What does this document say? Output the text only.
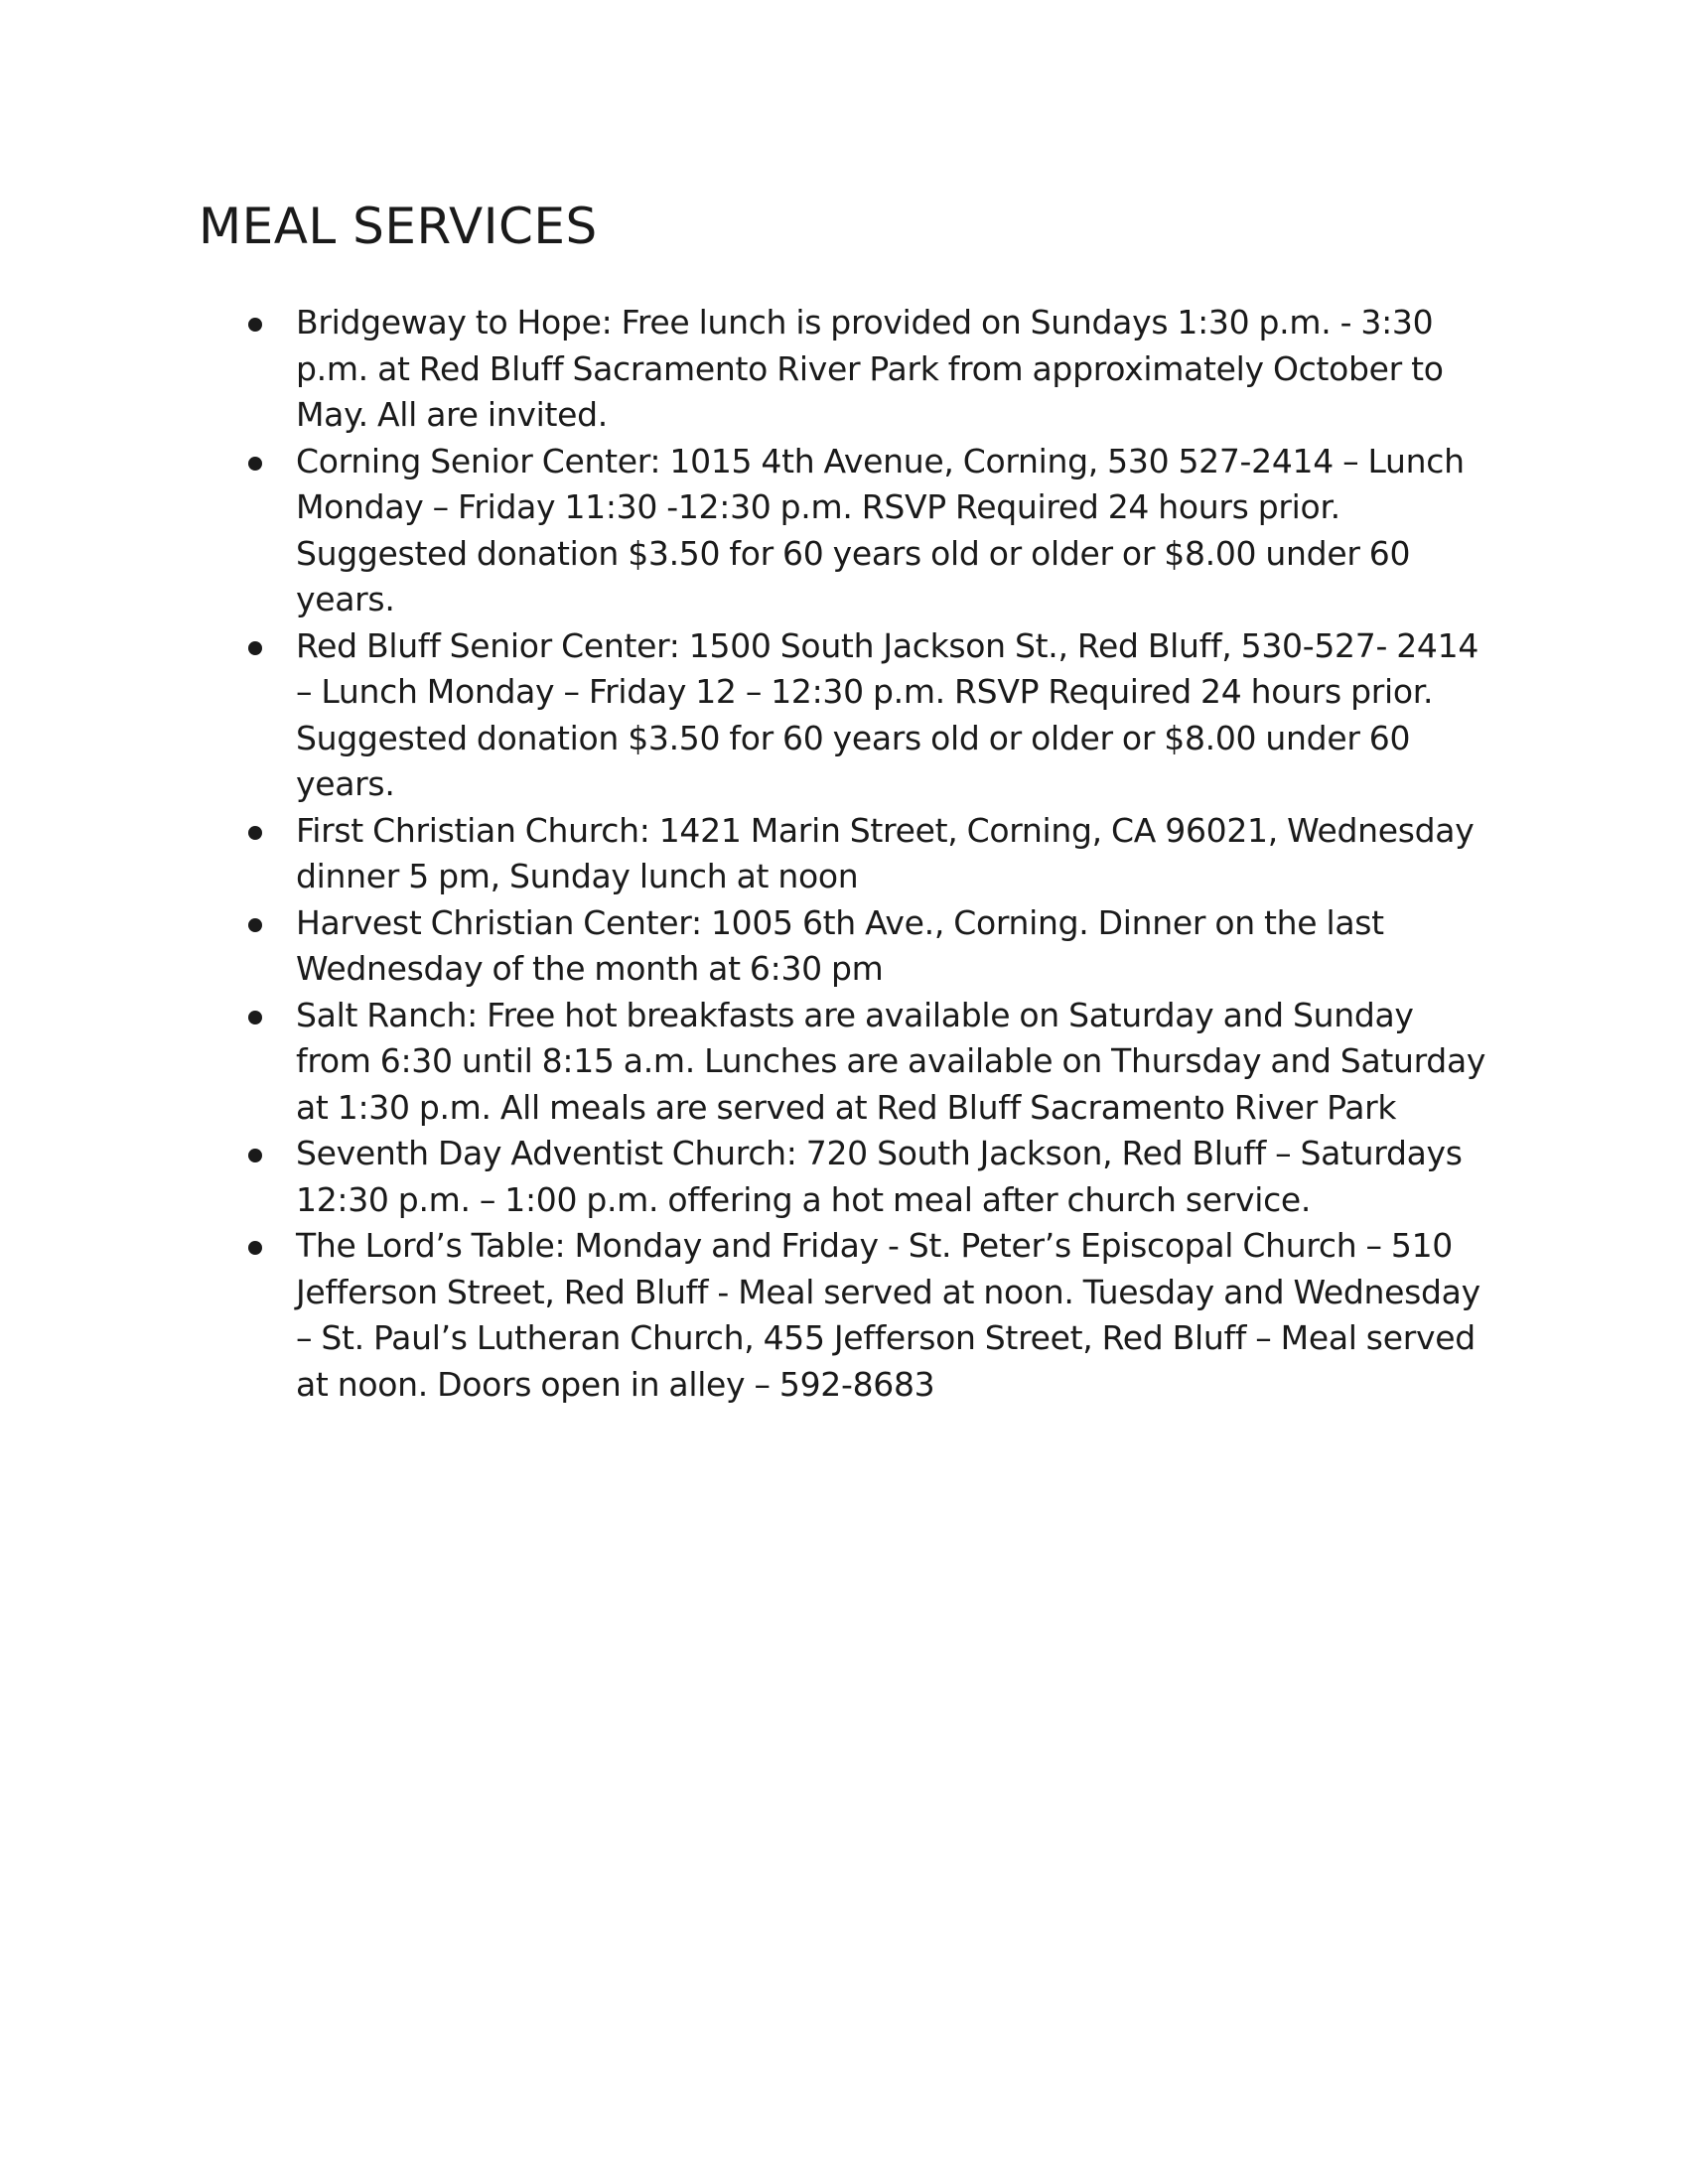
MEAL SERVICES
Bridgeway to Hope: Free lunch is provided on Sundays 1:30 p.m. - 3:30 p.m. at Red Bluff Sacramento River Park from approximately October to May. All are invited.
Corning Senior Center: 1015 4th Avenue, Corning, 530 527-2414 – Lunch Monday – Friday 11:30 -12:30 p.m. RSVP Required 24 hours prior. Suggested donation $3.50 for 60 years old or older or $8.00 under 60 years.
Red Bluff Senior Center: 1500 South Jackson St., Red Bluff, 530-527- 2414 – Lunch Monday – Friday 12 – 12:30 p.m. RSVP Required 24 hours prior. Suggested donation $3.50 for 60 years old or older or $8.00 under 60 years.
First Christian Church: 1421 Marin Street, Corning, CA 96021, Wednesday dinner 5 pm, Sunday lunch at noon
Harvest Christian Center: 1005 6th Ave., Corning. Dinner on the last Wednesday of the month at 6:30 pm
Salt Ranch: Free hot breakfasts are available on Saturday and Sunday from 6:30 until 8:15 a.m. Lunches are available on Thursday and Saturday at 1:30 p.m. All meals are served at Red Bluff Sacramento River Park
Seventh Day Adventist Church: 720 South Jackson, Red Bluff – Saturdays 12:30 p.m. – 1:00 p.m. offering a hot meal after church service.
The Lord’s Table: Monday and Friday - St. Peter’s Episcopal Church – 510 Jefferson Street, Red Bluff - Meal served at noon. Tuesday and Wednesday – St. Paul’s Lutheran Church, 455 Jefferson Street, Red Bluff – Meal served at noon. Doors open in alley – 592-8683
